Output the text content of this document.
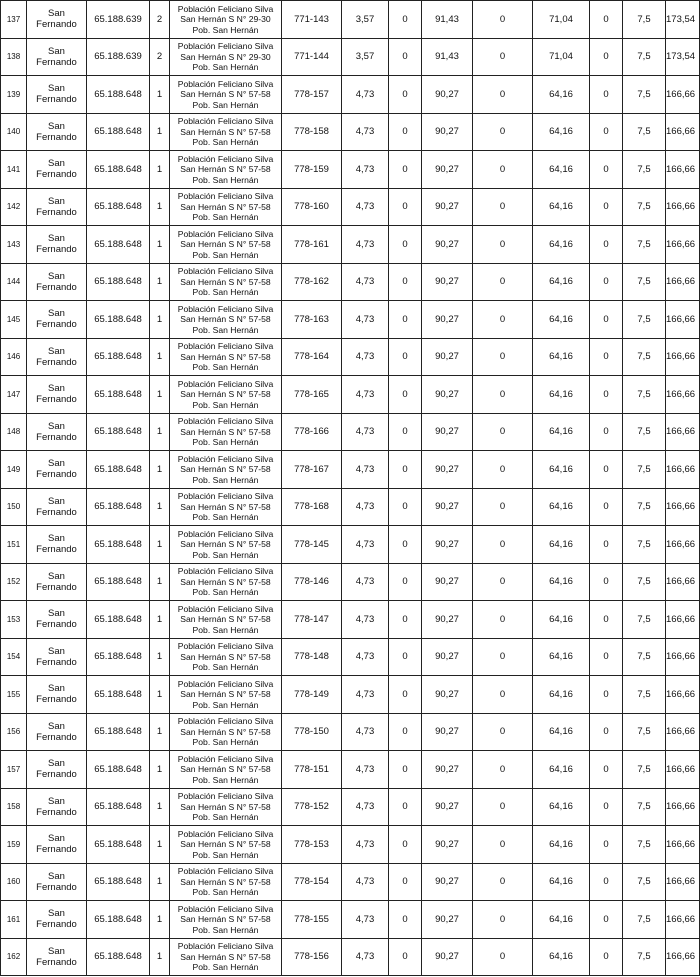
137	San
Fernando	65.188.639	2	Población Feliciano Silva
San Hernán S N° 29-30
Pob. San Hernán	771-143	3,57	0	91,43	0	71,04	0	7,5	173,54
138	San
Fernando	65.188.639	2	Población Feliciano Silva
San Hernán S N° 29-30
Pob. San Hernán	771-144	3,57	0	91,43	0	71,04	0	7,5	173,54
139	San
Fernando	65.188.648	1	Población Feliciano Silva
San Hernán S N° 57-58
Pob. San Hernán	778-157	4,73	0	90,27	0	64,16	0	7,5	166,66
140	San
Fernando	65.188.648	1	Población Feliciano Silva
San Hernán S N° 57-58
Pob. San Hernán	778-158	4,73	0	90,27	0	64,16	0	7,5	166,66
141	San
Fernando	65.188.648	1	Población Feliciano Silva
San Hernán S N° 57-58
Pob. San Hernán	778-159	4,73	0	90,27	0	64,16	0	7,5	166,66
142	San
Fernando	65.188.648	1	Población Feliciano Silva
San Hernán S N° 57-58
Pob. San Hernán	778-160	4,73	0	90,27	0	64,16	0	7,5	166,66
143	San
Fernando	65.188.648	1	Población Feliciano Silva
San Hernán S N° 57-58
Pob. San Hernán	778-161	4,73	0	90,27	0	64,16	0	7,5	166,66
144	San
Fernando	65.188.648	1	Población Feliciano Silva
San Hernán S N° 57-58
Pob. San Hernán	778-162	4,73	0	90,27	0	64,16	0	7,5	166,66
145	San
Fernando	65.188.648	1	Población Feliciano Silva
San Hernán S N° 57-58
Pob. San Hernán	778-163	4,73	0	90,27	0	64,16	0	7,5	166,66
146	San
Fernando	65.188.648	1	Población Feliciano Silva
San Hernán S N° 57-58
Pob. San Hernán	778-164	4,73	0	90,27	0	64,16	0	7,5	166,66
147	San
Fernando	65.188.648	1	Población Feliciano Silva
San Hernán S N° 57-58
Pob. San Hernán	778-165	4,73	0	90,27	0	64,16	0	7,5	166,66
148	San
Fernando	65.188.648	1	Población Feliciano Silva
San Hernán S N° 57-58
Pob. San Hernán	778-166	4,73	0	90,27	0	64,16	0	7,5	166,66
149	San
Fernando	65.188.648	1	Población Feliciano Silva
San Hernán S N° 57-58
Pob. San Hernán	778-167	4,73	0	90,27	0	64,16	0	7,5	166,66
150	San
Fernando	65.188.648	1	Población Feliciano Silva
San Hernán S N° 57-58
Pob. San Hernán	778-168	4,73	0	90,27	0	64,16	0	7,5	166,66
151	San
Fernando	65.188.648	1	Población Feliciano Silva
San Hernán S N° 57-58
Pob. San Hernán	778-145	4,73	0	90,27	0	64,16	0	7,5	166,66
152	San
Fernando	65.188.648	1	Población Feliciano Silva
San Hernán S N° 57-58
Pob. San Hernán	778-146	4,73	0	90,27	0	64,16	0	7,5	166,66
153	San
Fernando	65.188.648	1	Población Feliciano Silva
San Hernán S N° 57-58
Pob. San Hernán	778-147	4,73	0	90,27	0	64,16	0	7,5	166,66
154	San
Fernando	65.188.648	1	Población Feliciano Silva
San Hernán S N° 57-58
Pob. San Hernán	778-148	4,73	0	90,27	0	64,16	0	7,5	166,66
155	San
Fernando	65.188.648	1	Población Feliciano Silva
San Hernán S N° 57-58
Pob. San Hernán	778-149	4,73	0	90,27	0	64,16	0	7,5	166,66
156	San
Fernando	65.188.648	1	Población Feliciano Silva
San Hernán S N° 57-58
Pob. San Hernán	778-150	4,73	0	90,27	0	64,16	0	7,5	166,66
157	San
Fernando	65.188.648	1	Población Feliciano Silva
San Hernán S N° 57-58
Pob. San Hernán	778-151	4,73	0	90,27	0	64,16	0	7,5	166,66
158	San
Fernando	65.188.648	1	Población Feliciano Silva
San Hernán S N° 57-58
Pob. San Hernán	778-152	4,73	0	90,27	0	64,16	0	7,5	166,66
159	San
Fernando	65.188.648	1	Población Feliciano Silva
San Hernán S N° 57-58
Pob. San Hernán	778-153	4,73	0	90,27	0	64,16	0	7,5	166,66
160	San
Fernando	65.188.648	1	Población Feliciano Silva
San Hernán S N° 57-58
Pob. San Hernán	778-154	4,73	0	90,27	0	64,16	0	7,5	166,66
161	San
Fernando	65.188.648	1	Población Feliciano Silva
San Hernán S N° 57-58
Pob. San Hernán	778-155	4,73	0	90,27	0	64,16	0	7,5	166,66
162	San
Fernando	65.188.648	1	Población Feliciano Silva
San Hernán S N° 57-58
Pob. San Hernán	778-156	4,73	0	90,27	0	64,16	0	7,5	166,66
